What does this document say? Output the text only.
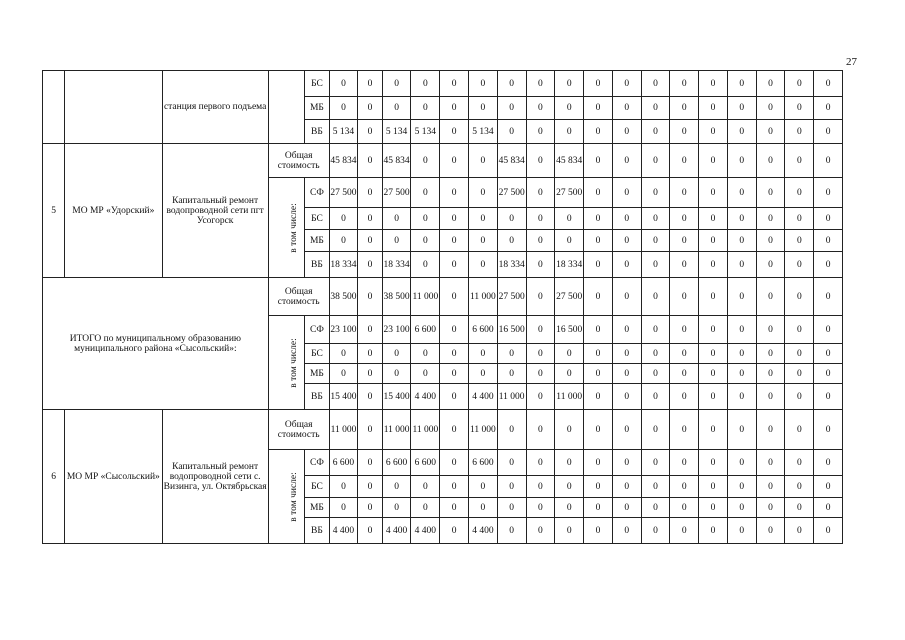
27
		станция первого подъема		БС	0	0	0	0	0	0	0	0	0	0	0	0	0	0	0	0	0	0

				МБ	0	0	0	0	0	0	0	0	0	0	0	0	0	0	0	0	0	0

				ВБ	5 134	0	5 134	5 134	0	5 134	0	0	0	0	0	0	0	0	0	0	0	0

5	МО МР «Удорский»	Капитальный ремонт водопроводной сети пгт Усогорск	Общая стоимость		45 834	0	45 834	0	0	0	45 834	0	45 834	0	0	0	0	0	0	0	0	0

			в том числе:	СФ	27 500	0	27 500	0	0	0	27 500	0	27 500	0	0	0	0	0	0	0	0	0

				БС	0	0	0	0	0	0	0	0	0	0	0	0	0	0	0	0	0	0

				МБ	0	0	0	0	0	0	0	0	0	0	0	0	0	0	0	0	0	0

				ВБ	18 334	0	18 334	0	0	0	18 334	0	18 334	0	0	0	0	0	0	0	0	0

ИТОГО по муниципальному образованию муниципального района «Сысольский»:			Общая стоимость		38 500	0	38 500	11 000	0	11 000	27 500	0	27 500	0	0	0	0	0	0	0	0	0

			в том числе:	СФ	23 100	0	23 100	6 600	0	6 600	16 500	0	16 500	0	0	0	0	0	0	0	0	0

				БС	0	0	0	0	0	0	0	0	0	0	0	0	0	0	0	0	0	0

				МБ	0	0	0	0	0	0	0	0	0	0	0	0	0	0	0	0	0	0

				ВБ	15 400	0	15 400	4 400	0	4 400	11 000	0	11 000	0	0	0	0	0	0	0	0	0

6	МО МР «Сысольский»	Капитальный ремонт водопроводной сети с. Визинга, ул. Октябрьская	Общая стоимость		11 000	0	11 000	11 000	0	11 000	0	0	0	0	0	0	0	0	0	0	0	0

			в том числе:	СФ	6 600	0	6 600	6 600	0	6 600	0	0	0	0	0	0	0	0	0	0	0	0

				БС	0	0	0	0	0	0	0	0	0	0	0	0	0	0	0	0	0	0

				МБ	0	0	0	0	0	0	0	0	0	0	0	0	0	0	0	0	0	0

				ВБ	4 400	0	4 400	4 400	0	4 400	0	0	0	0	0	0	0	0	0	0	0	0
